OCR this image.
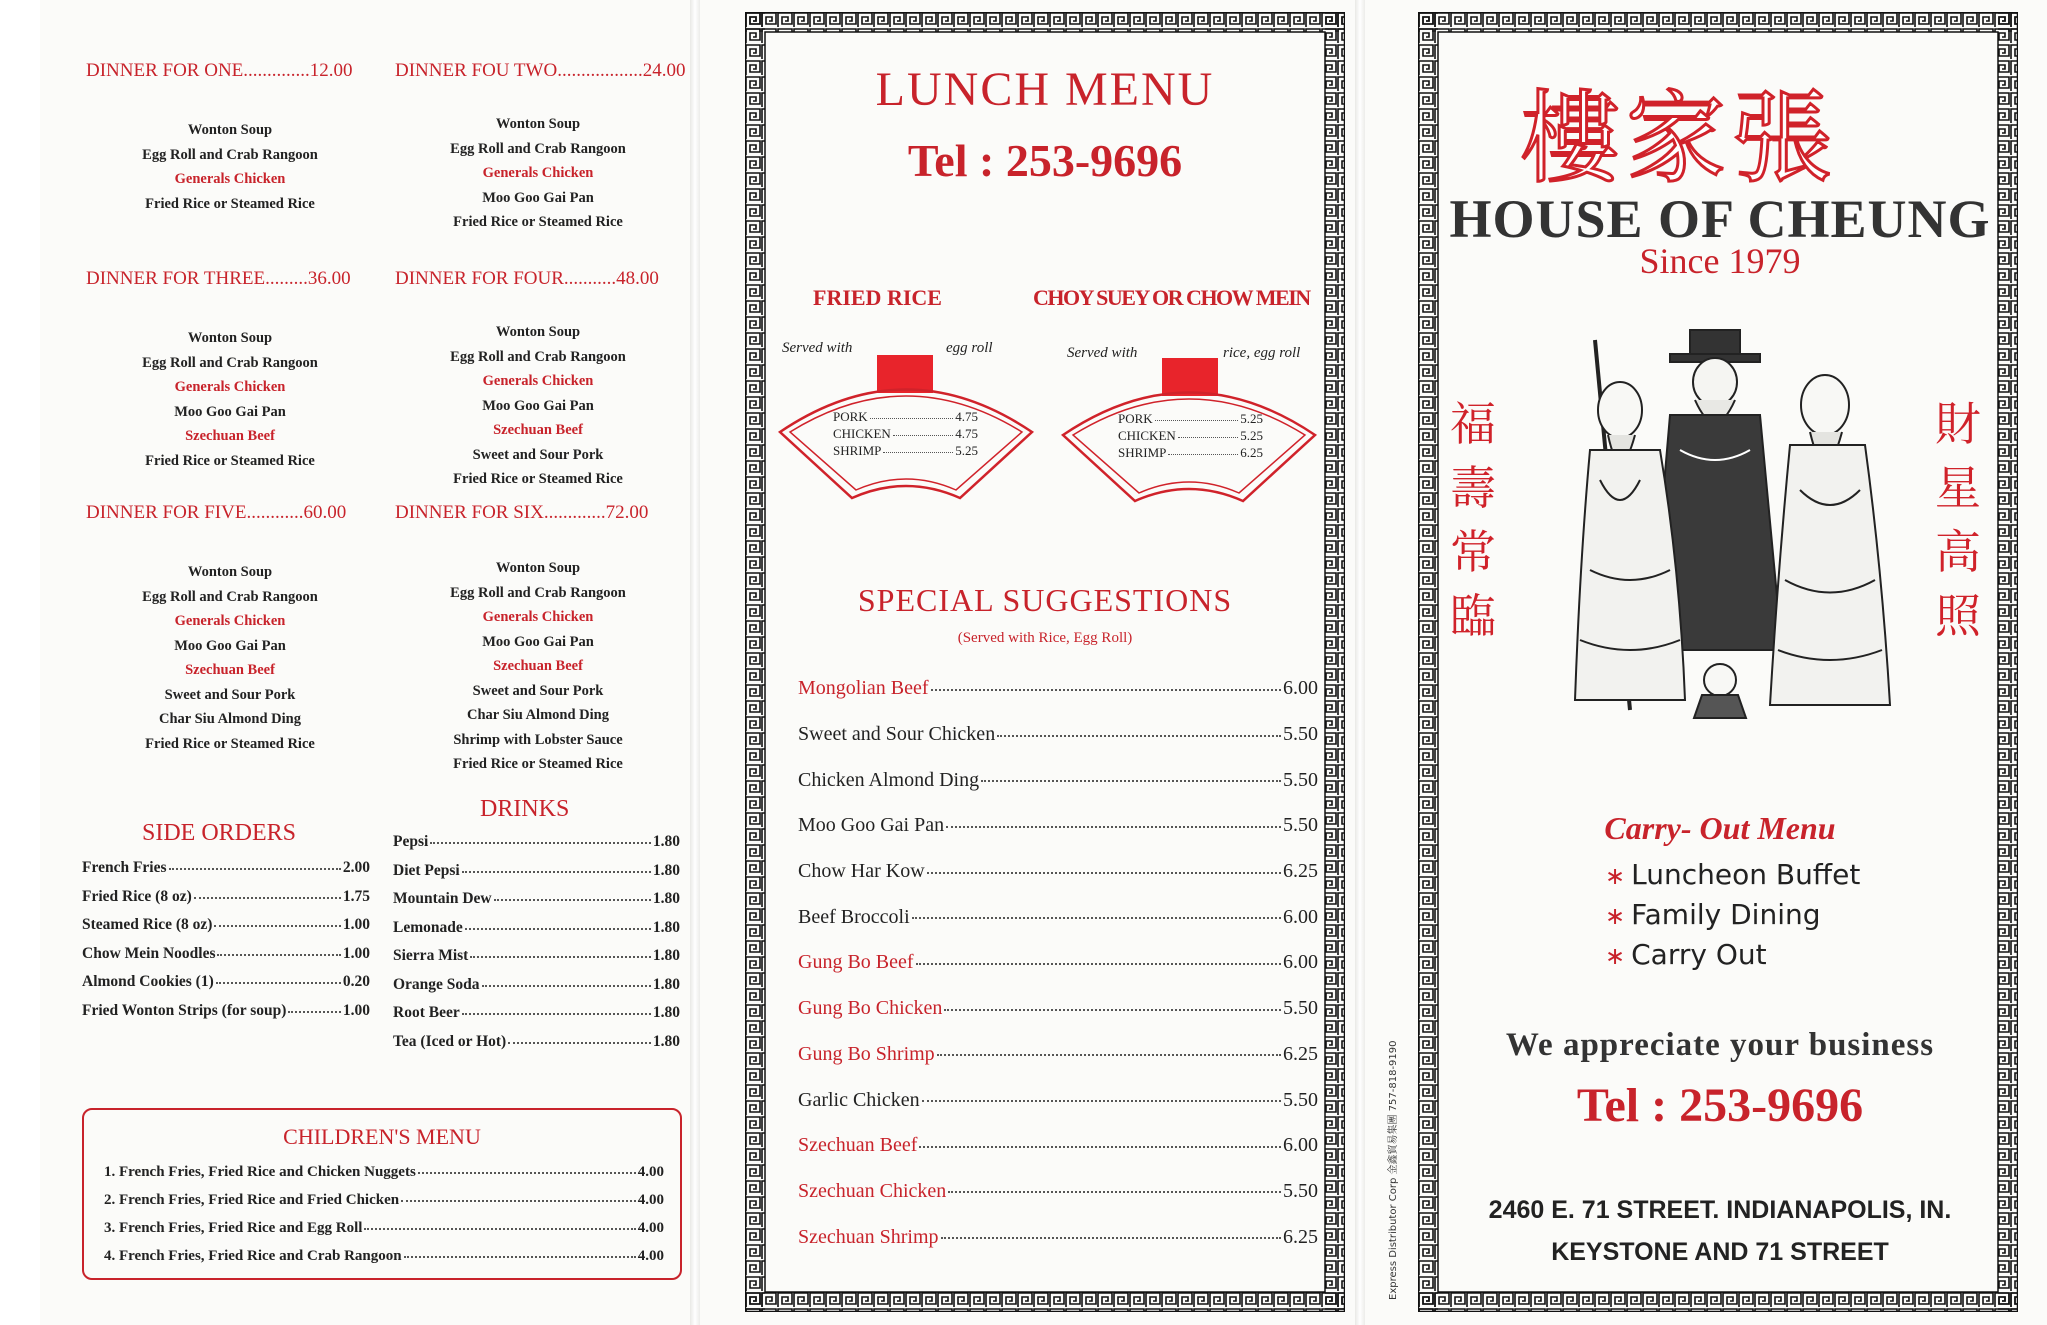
DINNER FOR ONE..............12.00
Wonton Soup
Egg Roll and Crab Rangoon
Generals Chicken
Fried Rice or Steamed Rice
DINNER FOU TWO..................24.00
Wonton Soup
Egg Roll and Crab Rangoon
Generals Chicken
Moo Goo Gai Pan
Fried Rice or Steamed Rice
DINNER FOR THREE.........36.00
Wonton Soup
Egg Roll and Crab Rangoon
Generals Chicken
Moo Goo Gai Pan
Szechuan Beef
Fried Rice or Steamed Rice
DINNER FOR FOUR...........48.00
Wonton Soup
Egg Roll and Crab Rangoon
Generals Chicken
Moo Goo Gai Pan
Szechuan Beef
Sweet and Sour Pork
Fried Rice or Steamed Rice
DINNER FOR FIVE............60.00
Wonton Soup
Egg Roll and Crab Rangoon
Generals Chicken
Moo Goo Gai Pan
Szechuan Beef
Sweet and Sour Pork
Char Siu Almond Ding
Fried Rice or Steamed Rice
DINNER FOR SIX.............72.00
Wonton Soup
Egg Roll and Crab Rangoon
Generals Chicken
Moo Goo Gai Pan
Szechuan Beef
Sweet and Sour Pork
Char Siu Almond Ding
Shrimp with Lobster Sauce
Fried Rice or Steamed Rice
SIDE ORDERS
French Fries	2.00
Fried Rice (8 oz)	1.75
Steamed Rice (8 oz)	1.00
Chow Mein Noodles	1.00
Almond Cookies (1)	0.20
Fried Wonton Strips (for soup)	1.00
DRINKS
Pepsi	1.80
Diet Pepsi	1.80
Mountain Dew	1.80
Lemonade	1.80
Sierra Mist	1.80
Orange Soda	1.80
Root Beer	1.80
Tea (Iced or Hot)	1.80
CHILDREN'S MENU
1. French Fries, Fried Rice and Chicken Nuggets	4.00
2. French Fries, Fried Rice and Fried Chicken	4.00
3. French Fries, Fried Rice and Egg Roll	4.00
4. French Fries, Fried Rice and Crab Rangoon	4.00
LUNCH MENU
Tel : 253-9696
FRIED RICE
Served with	egg roll
PORK	4.75
CHICKEN	4.75
SHRIMP	5.25
CHOY SUEY OR CHOW MEIN
Served with	rice, egg roll
PORK	5.25
CHICKEN	5.25
SHRIMP	6.25
SPECIAL SUGGESTIONS
(Served with Rice, Egg Roll)
Mongolian Beef	6.00
Sweet and Sour Chicken	5.50
Chicken Almond Ding	5.50
Moo Goo Gai Pan	5.50
Chow Har Kow	6.25
Beef Broccoli	6.00
Gung Bo Beef	6.00
Gung Bo Chicken	5.50
Gung Bo Shrimp	6.25
Garlic Chicken	5.50
Szechuan Beef	6.00
Szechuan Chicken	5.50
Szechuan Shrimp	6.25
樓家張
HOUSE OF CHEUNG
Since 1979
福
壽
常
臨
財
星
高
照
Carry- Out Menu
∗ Luncheon Buffet
∗ Family Dining
∗ Carry Out
We appreciate your business
Tel : 253-9696
2460 E. 71 STREET. INDIANAPOLIS, IN.
KEYSTONE AND 71 STREET
Express Distributor Corp 金鑫貿易集團 757-818-9190
